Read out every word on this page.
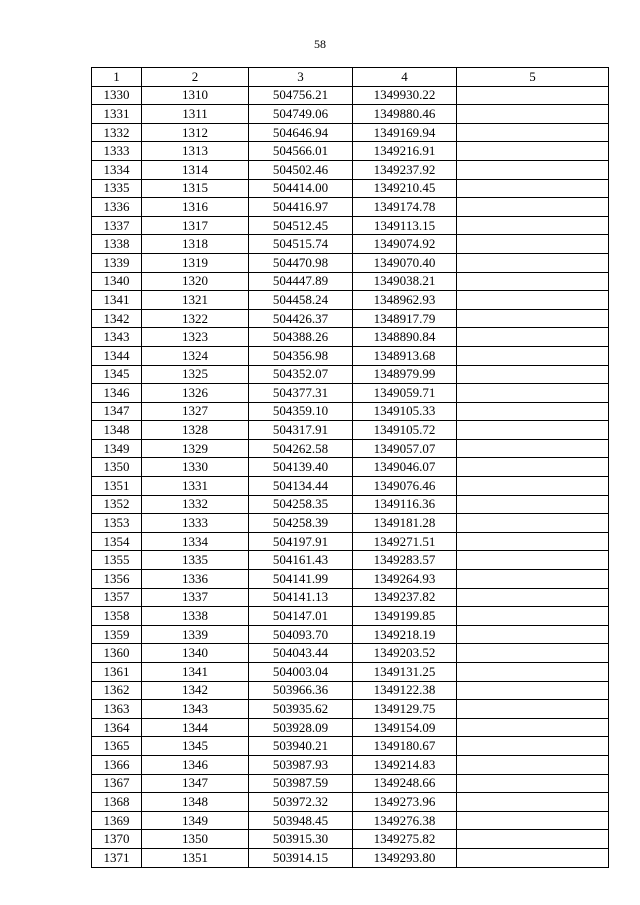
58
1	2	3	4	5
1330	1310	504756.21	1349930.22	
1331	1311	504749.06	1349880.46	
1332	1312	504646.94	1349169.94	
1333	1313	504566.01	1349216.91	
1334	1314	504502.46	1349237.92	
1335	1315	504414.00	1349210.45	
1336	1316	504416.97	1349174.78	
1337	1317	504512.45	1349113.15	
1338	1318	504515.74	1349074.92	
1339	1319	504470.98	1349070.40	
1340	1320	504447.89	1349038.21	
1341	1321	504458.24	1348962.93	
1342	1322	504426.37	1348917.79	
1343	1323	504388.26	1348890.84	
1344	1324	504356.98	1348913.68	
1345	1325	504352.07	1348979.99	
1346	1326	504377.31	1349059.71	
1347	1327	504359.10	1349105.33	
1348	1328	504317.91	1349105.72	
1349	1329	504262.58	1349057.07	
1350	1330	504139.40	1349046.07	
1351	1331	504134.44	1349076.46	
1352	1332	504258.35	1349116.36	
1353	1333	504258.39	1349181.28	
1354	1334	504197.91	1349271.51	
1355	1335	504161.43	1349283.57	
1356	1336	504141.99	1349264.93	
1357	1337	504141.13	1349237.82	
1358	1338	504147.01	1349199.85	
1359	1339	504093.70	1349218.19	
1360	1340	504043.44	1349203.52	
1361	1341	504003.04	1349131.25	
1362	1342	503966.36	1349122.38	
1363	1343	503935.62	1349129.75	
1364	1344	503928.09	1349154.09	
1365	1345	503940.21	1349180.67	
1366	1346	503987.93	1349214.83	
1367	1347	503987.59	1349248.66	
1368	1348	503972.32	1349273.96	
1369	1349	503948.45	1349276.38	
1370	1350	503915.30	1349275.82	
1371	1351	503914.15	1349293.80	
